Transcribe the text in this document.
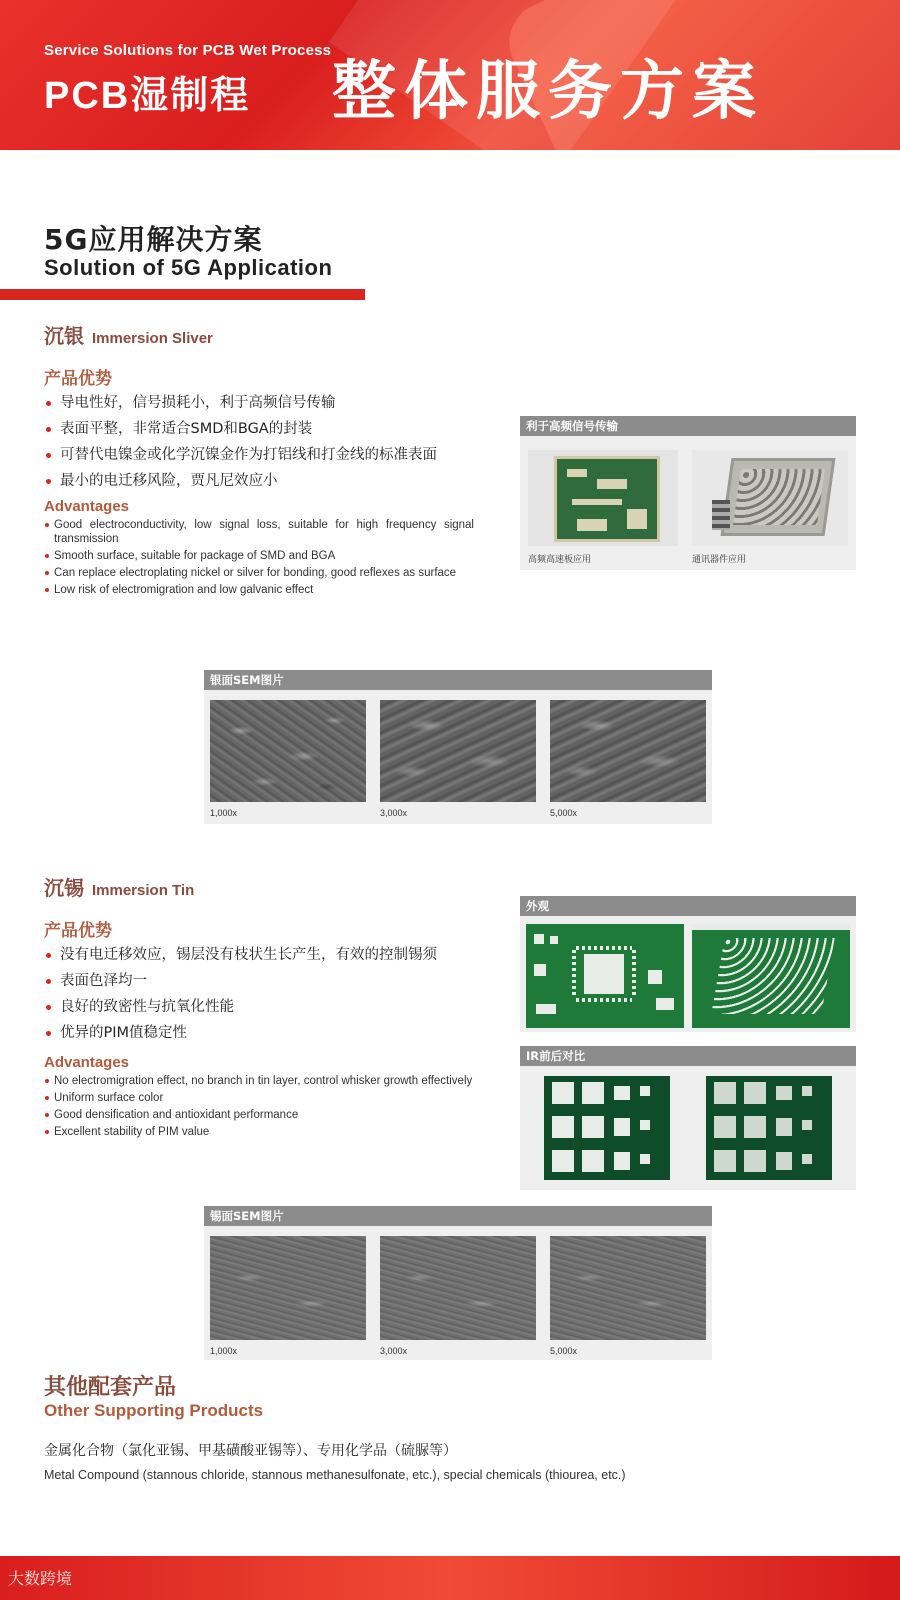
Service Solutions for PCB Wet Process
PCB湿制程 整体服务方案
5G应用解决方案
Solution of 5G Application
沉银 Immersion Sliver
产品优势
导电性好，信号损耗小，利于高频信号传输
表面平整，非常适合SMD和BGA的封装
可替代电镍金或化学沉镍金作为打铝线和打金线的标准表面
最小的电迁移风险，贾凡尼效应小
Advantages
Good electroconductivity, low signal loss, suitable for high frequency signal transmission
Smooth surface, suitable for package of SMD and BGA
Can replace electroplating nickel or silver for bonding, good reflexes as surface
Low risk of electromigration and low galvanic effect
利于高频信号传输
高频高速板应用	通讯器件应用
银面SEM图片
1,000x	3,000x	5,000x
沉锡 Immersion Tin
产品优势
没有电迁移效应，锡层没有枝状生长产生，有效的控制锡须
表面色泽均一
良好的致密性与抗氧化性能
优异的PIM值稳定性
Advantages
No electromigration effect, no branch in tin layer, control whisker growth effectively
Uniform surface color
Good densification and antioxidant performance
Excellent stability of PIM value
外观
IR前后对比
锡面SEM图片
1,000x	3,000x	5,000x
其他配套产品
Other Supporting Products
金属化合物（氯化亚锡、甲基磺酸亚锡等）、专用化学品（硫脲等）
Metal Compound (stannous chloride, stannous methanesulfonate, etc.), special chemicals (thiourea, etc.)
大数跨境
